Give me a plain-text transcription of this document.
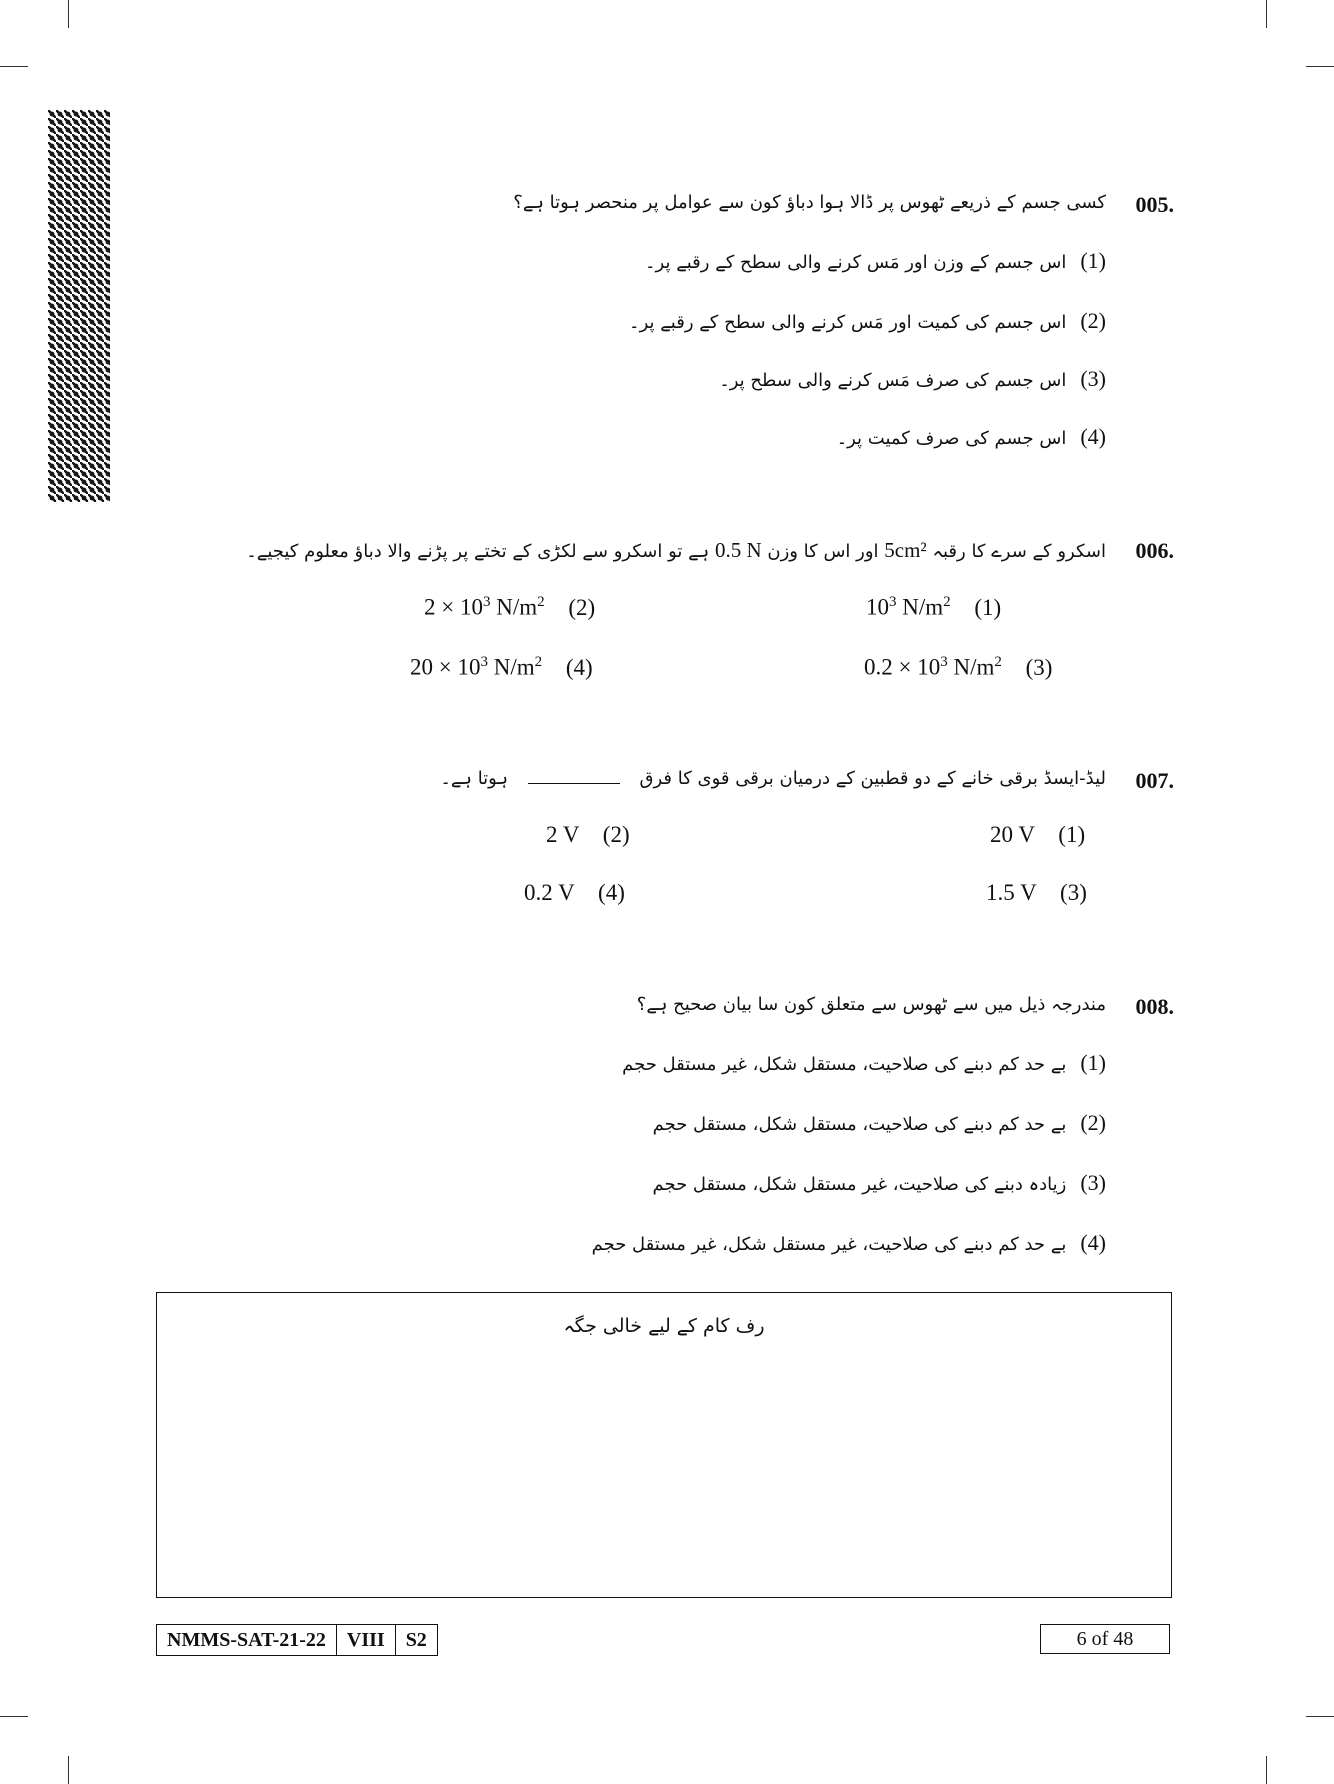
005.
کسی جسم کے ذریعے ٹھوس پر ڈالا ہوا دباؤ کون سے عوامل پر منحصر ہوتا ہے؟
(1)اس جسم کے وزن اور مَس کرنے والی سطح کے رقبے پر۔
(2)اس جسم کی کمیت اور مَس کرنے والی سطح کے رقبے پر۔
(3)اس جسم کی صرف مَس کرنے والی سطح پر۔
(4)اس جسم کی صرف کمیت پر۔
006.
اسکرو کے سرے کا رقبہ 5cm² اور اس کا وزن 0.5 N ہے تو اسکرو سے لکڑی کے تختے پر پڑنے والا دباؤ معلوم کیجیے۔
$10^3$ $N/m^2$ (1)
$2 \times 10^3$ $N/m^2$ (2)
$0.2 \times 10^3$ $N/m^2$ (3)
$20 \times 10^3$ $N/m^2$ (4)
007.
لیڈ-ایسڈ برقی خانے کے دو قطبین کے درمیان برقی قوی کا فرق  ہوتا ہے۔
20 V (1)
2 V (2)
1.5 V (3)
0.2 V (4)
008.
مندرجہ ذیل میں سے ٹھوس سے متعلق کون سا بیان صحیح ہے؟
(1)بے حد کم دبنے کی صلاحیت، مستقل شکل، غیر مستقل حجم
(2)بے حد کم دبنے کی صلاحیت، مستقل شکل، مستقل حجم
(3)زیادہ دبنے کی صلاحیت، غیر مستقل شکل، مستقل حجم
(4)بے حد کم دبنے کی صلاحیت، غیر مستقل شکل، غیر مستقل حجم
رف کام کے لیے خالی جگہ
NMMS-SAT-21-22	VIII	S2	6 of 48
